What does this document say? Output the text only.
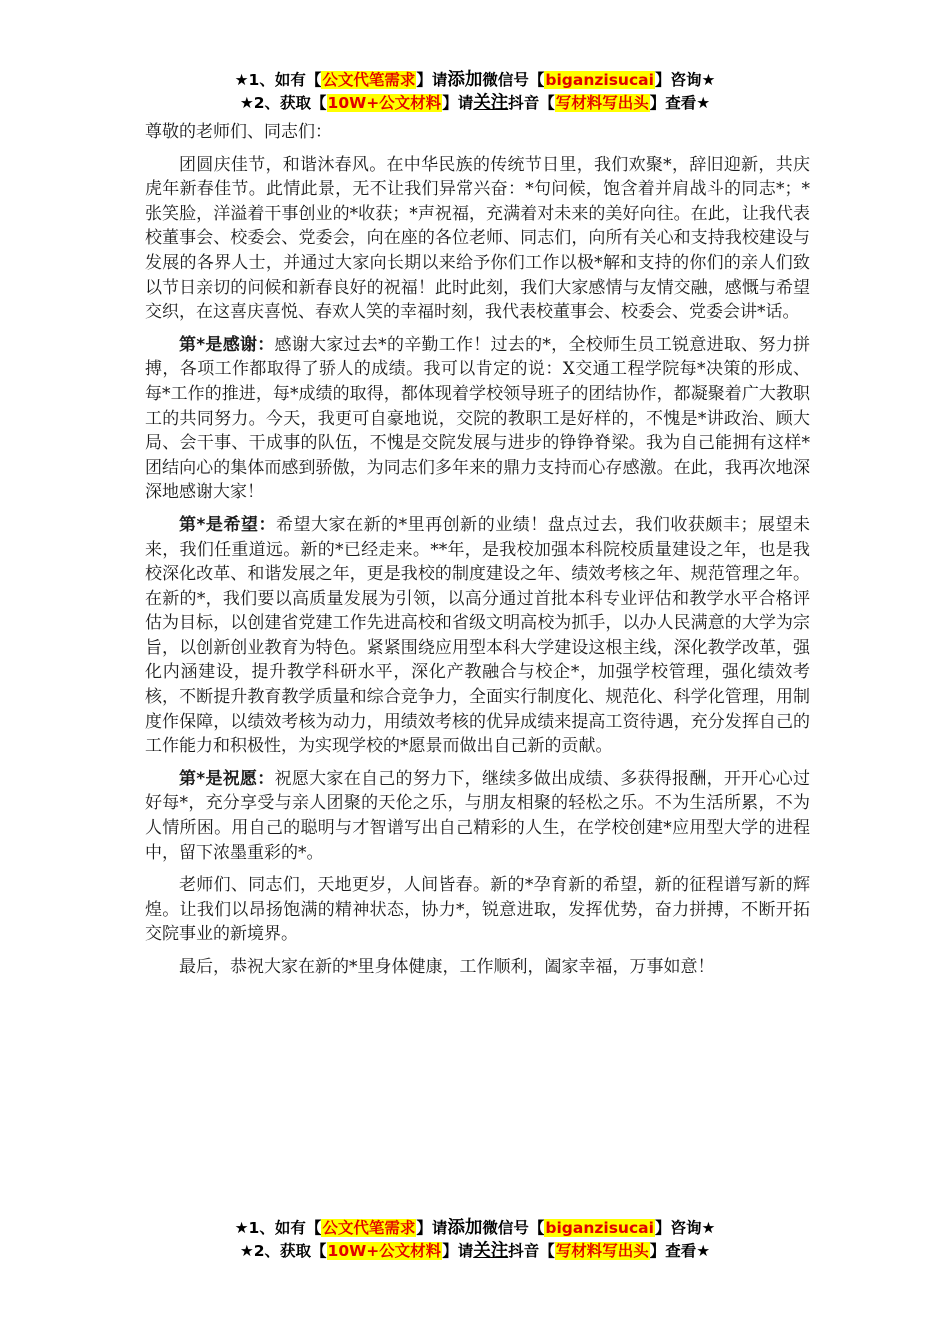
★1、如有【公文代笔需求】请添加微信号【biganzisucai】咨询★
★2、获取【10W+公文材料】请关注抖音【写材料写出头】查看★
尊敬的老师们、同志们：

团圆庆佳节，和谐沐春风。在中华民族的传统节日里，我们欢聚*，辞旧迎新，共庆虎年新春佳节。此情此景，无不让我们异常兴奋：*句问候，饱含着并肩战斗的同志*；*张笑脸，洋溢着干事创业的*收获；*声祝福，充满着对未来的美好向往。在此，让我代表校董事会、校委会、党委会，向在座的各位老师、同志们，向所有关心和支持我校建设与发展的各界人士，并通过大家向长期以来给予你们工作以极*解和支持的你们的亲人们致以节日亲切的问候和新春良好的祝福！此时此刻，我们大家感情与友情交融，感慨与希望交织，在这喜庆喜悦、春欢人笑的幸福时刻，我代表校董事会、校委会、党委会讲*话。

第*是感谢：感谢大家过去*的辛勤工作！过去的*，全校师生员工锐意进取、努力拼搏，各项工作都取得了骄人的成绩。我可以肯定的说：X交通工程学院每*决策的形成、每*工作的推进，每*成绩的取得，都体现着学校领导班子的团结协作，都凝聚着广大教职工的共同努力。今天，我更可自豪地说，交院的教职工是好样的，不愧是*讲政治、顾大局、会干事、干成事的队伍，不愧是交院发展与进步的铮铮脊梁。我为自己能拥有这样*团结向心的集体而感到骄傲，为同志们多年来的鼎力支持而心存感激。在此，我再次地深深地感谢大家！

第*是希望：希望大家在新的*里再创新的业绩！盘点过去，我们收获颇丰；展望未来，我们任重道远。新的*已经走来。**年，是我校加强本科院校质量建设之年，也是我校深化改革、和谐发展之年，更是我校的制度建设之年、绩效考核之年、规范管理之年。在新的*，我们要以高质量发展为引领，以高分通过首批本科专业评估和教学水平合格评估为目标，以创建省党建工作先进高校和省级文明高校为抓手，以办人民满意的大学为宗旨，以创新创业教育为特色。紧紧围绕应用型本科大学建设这根主线，深化教学改革，强化内涵建设，提升教学科研水平，深化产教融合与校企*，加强学校管理，强化绩效考核，不断提升教育教学质量和综合竞争力，全面实行制度化、规范化、科学化管理，用制度作保障，以绩效考核为动力，用绩效考核的优异成绩来提高工资待遇，充分发挥自己的工作能力和积极性，为实现学校的*愿景而做出自己新的贡献。

第*是祝愿：祝愿大家在自己的努力下，继续多做出成绩、多获得报酬，开开心心过好每*，充分享受与亲人团聚的天伦之乐，与朋友相聚的轻松之乐。不为生活所累，不为人情所困。用自己的聪明与才智谱写出自己精彩的人生，在学校创建*应用型大学的进程中，留下浓墨重彩的*。

老师们、同志们，天地更岁，人间皆春。新的*孕育新的希望，新的征程谱写新的辉煌。让我们以昂扬饱满的精神状态，协力*，锐意进取，发挥优势，奋力拼搏，不断开拓交院事业的新境界。

最后，恭祝大家在新的*里身体健康，工作顺利，阖家幸福，万事如意！

★1、如有【公文代笔需求】请添加微信号【biganzisucai】咨询★
★2、获取【10W+公文材料】请关注抖音【写材料写出头】查看★
